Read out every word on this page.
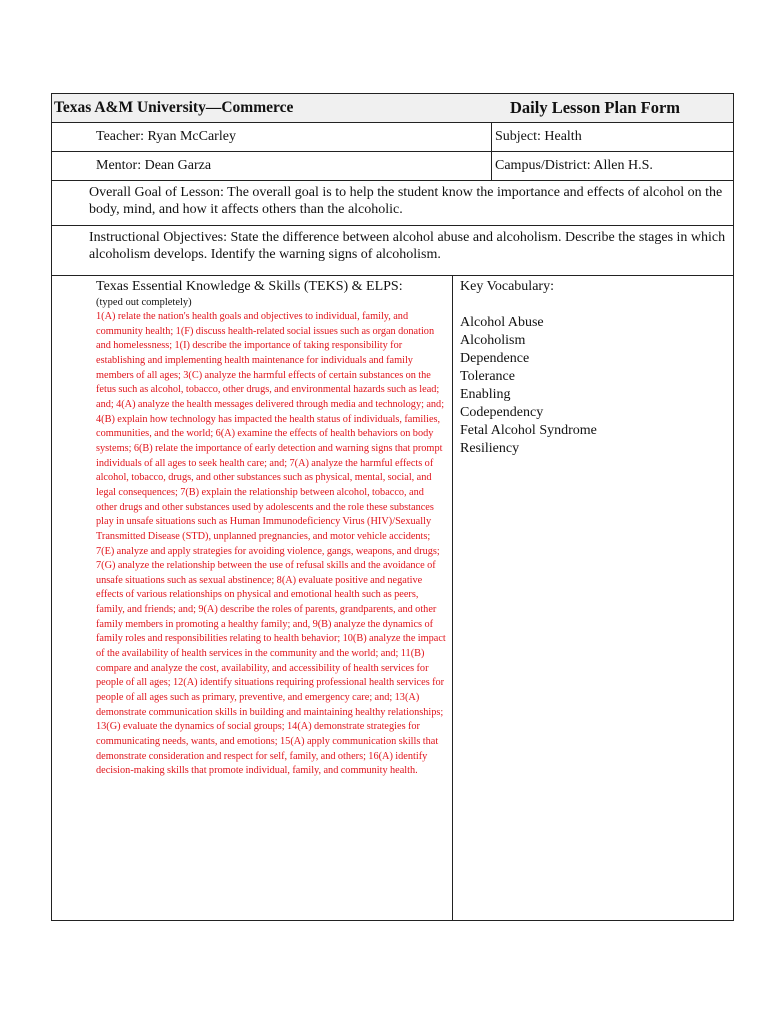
Texas A&M University—Commerce	Daily Lesson Plan Form
Teacher: Ryan McCarley	Subject: Health
Mentor: Dean Garza	Campus/District: Allen H.S.
Overall Goal of Lesson: The overall goal is to help the student know the importance and effects of alcohol on the body, mind, and how it affects others than the alcoholic.
Instructional Objectives: State the difference between alcohol abuse and alcoholism. Describe the stages in which alcoholism develops. Identify the warning signs of alcoholism.
Texas Essential Knowledge & Skills (TEKS) & ELPS:
(typed out completely)
1(A) relate the nation's health goals and objectives to individual, family, and community health; 1(F) discuss health-related social issues such as organ donation and homelessness; 1(I) describe the importance of taking responsibility for establishing and implementing health maintenance for individuals and family members of all ages; 3(C) analyze the harmful effects of certain substances on the fetus such as alcohol, tobacco, other drugs, and environmental hazards such as lead; and; 4(A) analyze the health messages delivered through media and technology; and; 4(B) explain how technology has impacted the health status of individuals, families, communities, and the world; 6(A) examine the effects of health behaviors on body systems; 6(B) relate the importance of early detection and warning signs that prompt individuals of all ages to seek health care; and; 7(A) analyze the harmful effects of alcohol, tobacco, drugs, and other substances such as physical, mental, social, and legal consequences; 7(B) explain the relationship between alcohol, tobacco, and other drugs and other substances used by adolescents and the role these substances play in unsafe situations such as Human Immunodeficiency Virus (HIV)/Sexually Transmitted Disease (STD), unplanned pregnancies, and motor vehicle accidents; 7(E) analyze and apply strategies for avoiding violence, gangs, weapons, and drugs; 7(G) analyze the relationship between the use of refusal skills and the avoidance of unsafe situations such as sexual abstinence; 8(A) evaluate positive and negative effects of various relationships on physical and emotional health such as peers, family, and friends; and; 9(A) describe the roles of parents, grandparents, and other family members in promoting a healthy family; and, 9(B) analyze the dynamics of family roles and responsibilities relating to health behavior; 10(B) analyze the impact of the availability of health services in the community and the world; and; 11(B) compare and analyze the cost, availability, and accessibility of health services for people of all ages; 12(A) identify situations requiring professional health services for people of all ages such as primary, preventive, and emergency care; and; 13(A) demonstrate communication skills in building and maintaining healthy relationships; 13(G) evaluate the dynamics of social groups; 14(A) demonstrate strategies for communicating needs, wants, and emotions; 15(A) apply communication skills that demonstrate consideration and respect for self, family, and others; 16(A) identify decision-making skills that promote individual, family, and community health.
Key Vocabulary:
Alcohol Abuse
Alcoholism
Dependence
Tolerance
Enabling
Codependency
Fetal Alcohol Syndrome
Resiliency
